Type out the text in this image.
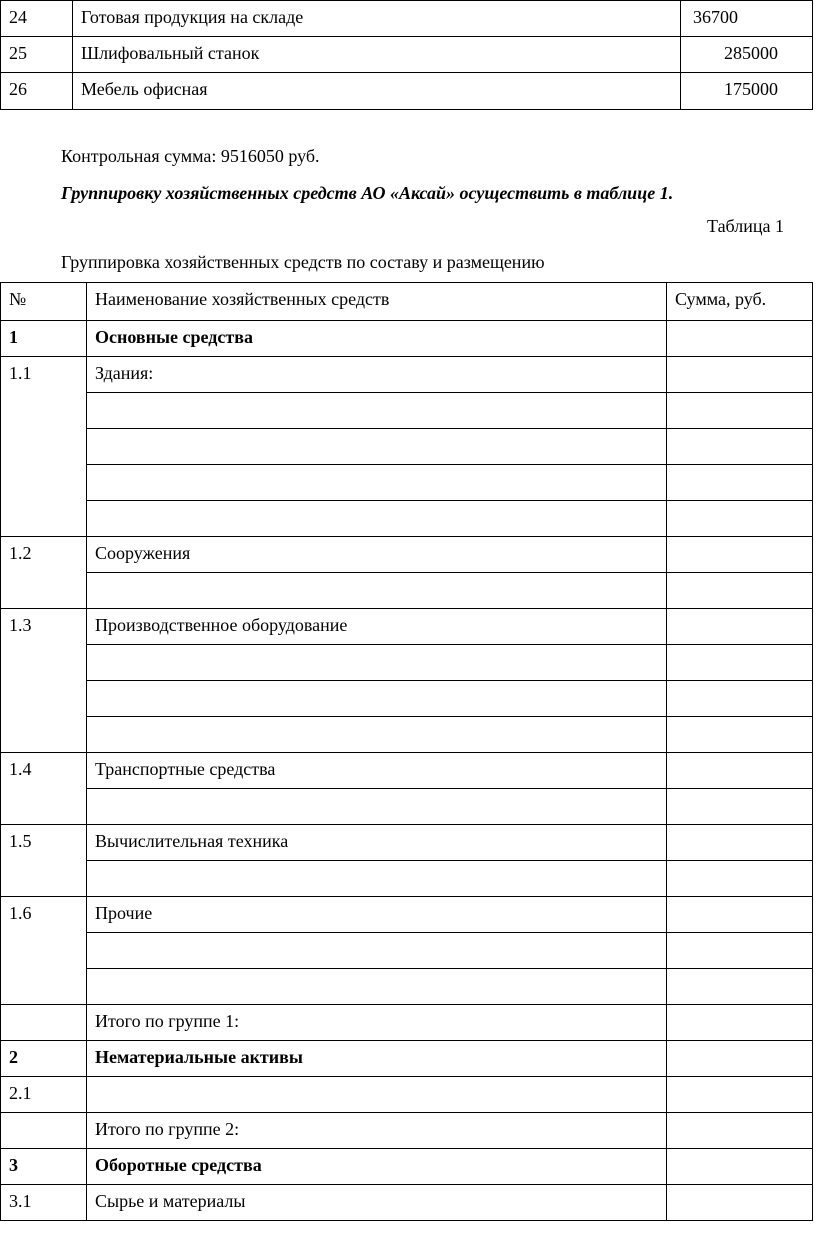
24	Готовая продукция на складе	36700
25	Шлифовальный станок	285000
26	Мебель офисная	175000
Контрольная сумма: 9516050 руб.
Группировку хозяйственных средств АО «Аксай» осуществить в таблице 1.
Таблица 1
Группировка хозяйственных средств по составу и размещению
№	Наименование хозяйственных средств	Сумма, руб.
1	Основные средства	
1.1	Здания:	

1.2	Сооружения	

1.3	Производственное оборудование	

1.4	Транспортные средства	

1.5	Вычислительная техника	

1.6	Прочие	

	Итого по группе 1:	
2	Нематериальные активы	
2.1		
	Итого по группе 2:	
3	Оборотные средства	
3.1	Сырье и материалы	
